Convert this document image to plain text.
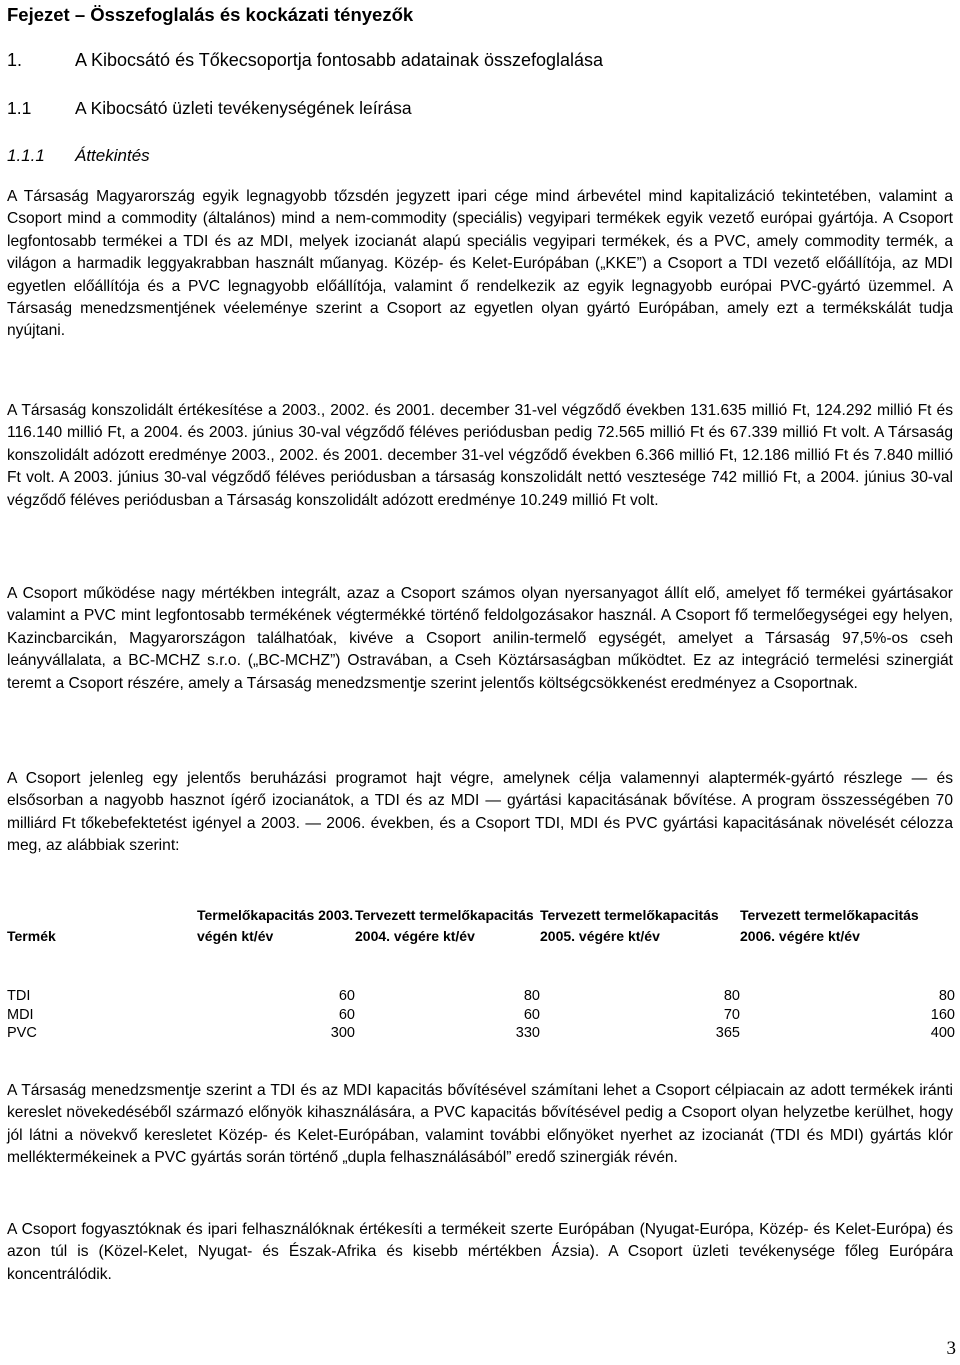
Fejezet – Összefoglalás és kockázati tényezők
1.	A Kibocsátó és Tőkecsoportja fontosabb adatainak összefoglalása
1.1 A Kibocsátó üzleti tevékenységének leírása
1.1.1 Áttekintés

A Társaság Magyarország egyik legnagyobb tőzsdén jegyzett ipari cége mind árbevétel mind kapitalizáció tekintetében, valamint a Csoport mind a commodity (általános) mind a nem-commodity (speciális) vegyipari termékek egyik vezető európai gyártója. A Csoport legfontosabb termékei a TDI és az MDI, melyek izocianát alapú speciális vegyipari termékek, és a PVC, amely commodity termék, a világon a harmadik leggyakrabban használt műanyag. Közép- és Kelet-Európában („KKE”) a Csoport a TDI vezető előállítója, az MDI egyetlen előállítója és a PVC legnagyobb előállítója, valamint ő rendelkezik az egyik legnagyobb európai PVC-gyártó üzemmel. A Társaság menedzsmentjének véeleménye szerint a Csoport az egyetlen olyan gyártó Európában, amely ezt a termékskálát tudja nyújtani.

A Társaság konszolidált értékesítése a 2003., 2002. és 2001. december 31-vel végződő években 131.635 millió Ft, 124.292 millió Ft és 116.140 millió Ft, a 2004. és 2003. június 30-val végződő féléves periódusban pedig 72.565 millió Ft és 67.339 millió Ft volt. A Társaság konszolidált adózott eredménye 2003., 2002. és 2001. december 31-vel végződő években 6.366 millió Ft, 12.186 millió Ft és 7.840 millió Ft volt. A 2003. június 30-val végződő féléves periódusban a társaság konszolidált nettó vesztesége 742 millió Ft, a 2004. június 30-val végződő féléves periódusban a Társaság konszolidált adózott eredménye 10.249 millió Ft volt.

A Csoport működése nagy mértékben integrált, azaz a Csoport számos olyan nyersanyagot állít elő, amelyet fő termékei gyártásakor valamint a PVC mint legfontosabb termékének végtermékké történő feldolgozásakor használ. A Csoport fő termelőegységei egy helyen, Kazincbarcikán, Magyarországon találhatóak, kivéve a Csoport anilin-termelő egységét, amelyet a Társaság 97,5%-os cseh leányvállalata, a BC-MCHZ s.r.o. („BC-MCHZ”) Ostravában, a Cseh Köztársaságban működtet. Ez az integráció termelési szinergiát teremt a Csoport részére, amely a Társaság menedzsmentje szerint jelentős költségcsökkenést eredményez a Csoportnak.

A Csoport jelenleg egy jelentős beruházási programot hajt végre, amelynek célja valamennyi alaptermék-gyártó részlege — és elsősorban a nagyobb hasznot ígérő izocianátok, a TDI és az MDI — gyártási kapacitásának bővítése. A program összességében 70 milliárd Ft tőkebefektetést igényel a 2003. — 2006. években, és a Csoport TDI, MDI és PVC gyártási kapacitásának növelését célozza meg, az alábbiak szerint:

Termék	Termelőkapacitás 2003. végén kt/év	Tervezett termelőkapacitás 2004. végére kt/év	Tervezett termelőkapacitás 2005. végére kt/év	Tervezett termelőkapacitás 2006. végére kt/év

TDI	60	80	80	80
MDI	60	60	70	160
PVC	300	330	365	400

A Társaság menedzsmentje szerint a TDI és az MDI kapacitás bővítésével számítani lehet a Csoport célpiacain az adott termékek iránti kereslet növekedéséből származó előnyök kihasználására, a PVC kapacitás bővítésével pedig a Csoport olyan helyzetbe kerülhet, hogy jól látni a növekvő keresletet Közép- és Kelet-Európában, valamint további előnyöket nyerhet az izocianát (TDI és MDI) gyártás klór melléktermékeinek a PVC gyártás során történő „dupla felhasználásából” eredő szinergiák révén.

A Csoport fogyasztóknak és ipari felhasználóknak értékesíti a termékeit szerte Európában (Nyugat-Európa, Közép- és Kelet-Európa) és azon túl is (Közel-Kelet, Nyugat- és Észak-Afrika és kisebb mértékben Ázsia). A Csoport üzleti tevékenysége főleg Európára koncentrálódik.

3
